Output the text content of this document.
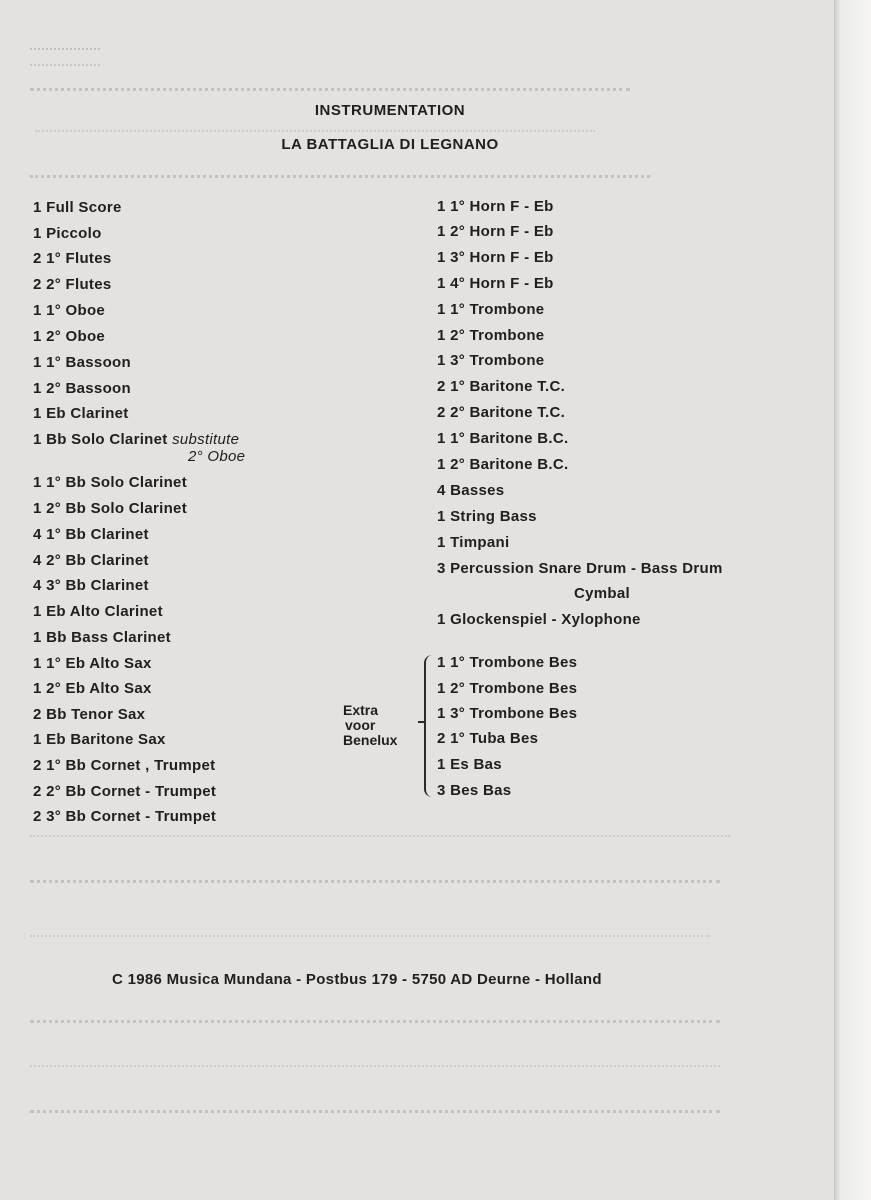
INSTRUMENTATION
LA BATTAGLIA DI LEGNANO
1 Full Score
1 Piccolo
2 1° Flutes
2 2° Flutes
1 1° Oboe
1 2° Oboe
1 1° Bassoon
1 2° Bassoon
1 Eb Clarinet
1 Bb Solo Clarinet substitute
2° Oboe
1 1° Bb Solo Clarinet
1 2° Bb Solo Clarinet
4 1° Bb Clarinet
4 2° Bb Clarinet
4 3° Bb Clarinet
1 Eb Alto Clarinet
1 Bb Bass Clarinet
1 1° Eb Alto Sax
1 2° Eb Alto Sax
2 Bb Tenor Sax
1 Eb Baritone Sax
2 1° Bb Cornet , Trumpet
2 2° Bb Cornet - Trumpet
2 3° Bb Cornet - Trumpet
1 1° Horn F - Eb
1 2° Horn F - Eb
1 3° Horn F - Eb
1 4° Horn F - Eb
1 1° Trombone
1 2° Trombone
1 3° Trombone
2 1° Baritone T.C.
2 2° Baritone T.C.
1 1° Baritone B.C.
1 2° Baritone B.C.
4 Basses
1 String Bass
1 Timpani
3 Percussion Snare Drum - Bass Drum
Cymbal
1 Glockenspiel - Xylophone
Extra
voor
Benelux
1 1° Trombone Bes
1 2° Trombone Bes
1 3° Trombone Bes
2 1° Tuba Bes
1 Es Bas
3 Bes Bas
C 1986 Musica Mundana - Postbus 179 - 5750 AD Deurne - Holland
